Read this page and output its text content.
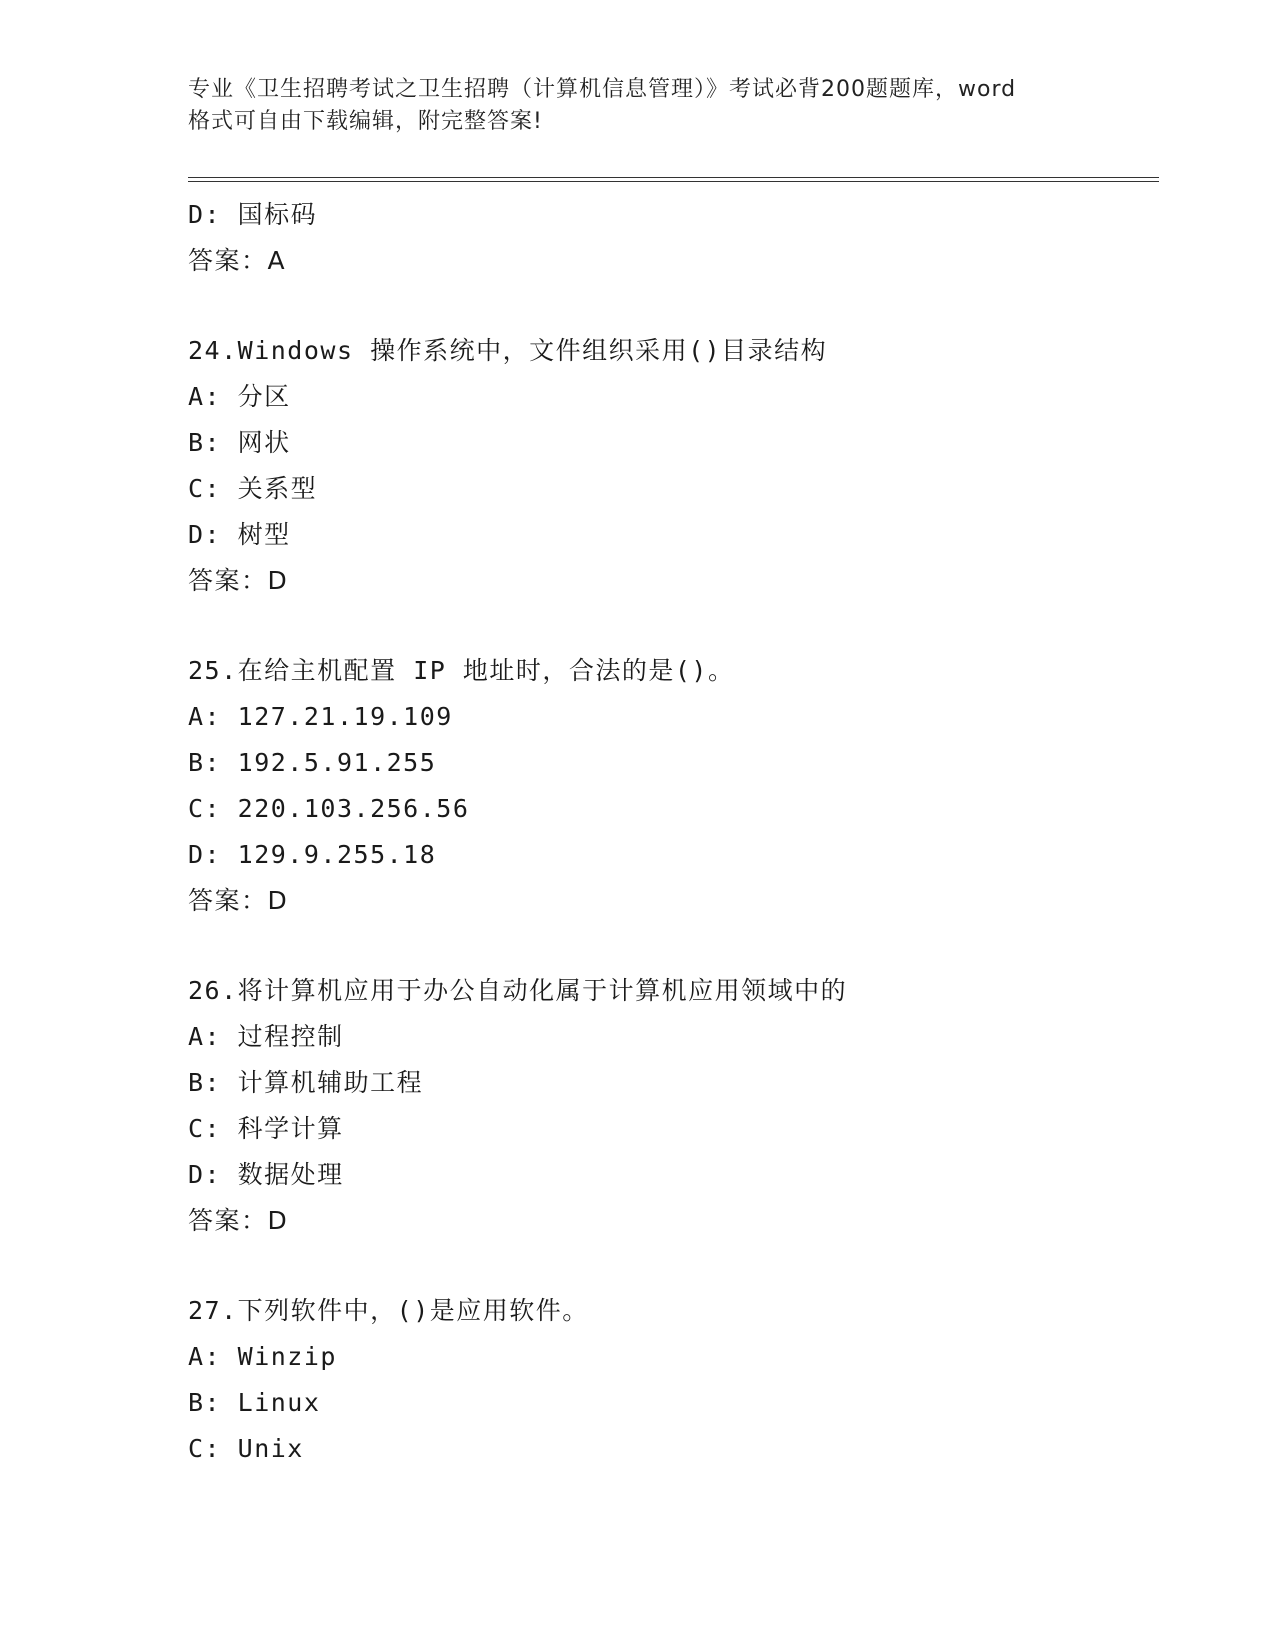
专业《卫生招聘考试之卫生招聘（计算机信息管理）》考试必背200题题库，word
格式可自由下载编辑，附完整答案!
D: 国标码
答案：A
24.Windows 操作系统中，文件组织采用()目录结构
A: 分区
B: 网状
C: 关系型
D: 树型
答案：D
25.在给主机配置 IP 地址时，合法的是()。
A: 127.21.19.109
B: 192.5.91.255
C: 220.103.256.56
D: 129.9.255.18
答案：D
26.将计算机应用于办公自动化属于计算机应用领域中的
A: 过程控制
B: 计算机辅助工程
C: 科学计算
D: 数据处理
答案：D
27.下列软件中，()是应用软件。
A: Winzip
B: Linux
C: Unix
